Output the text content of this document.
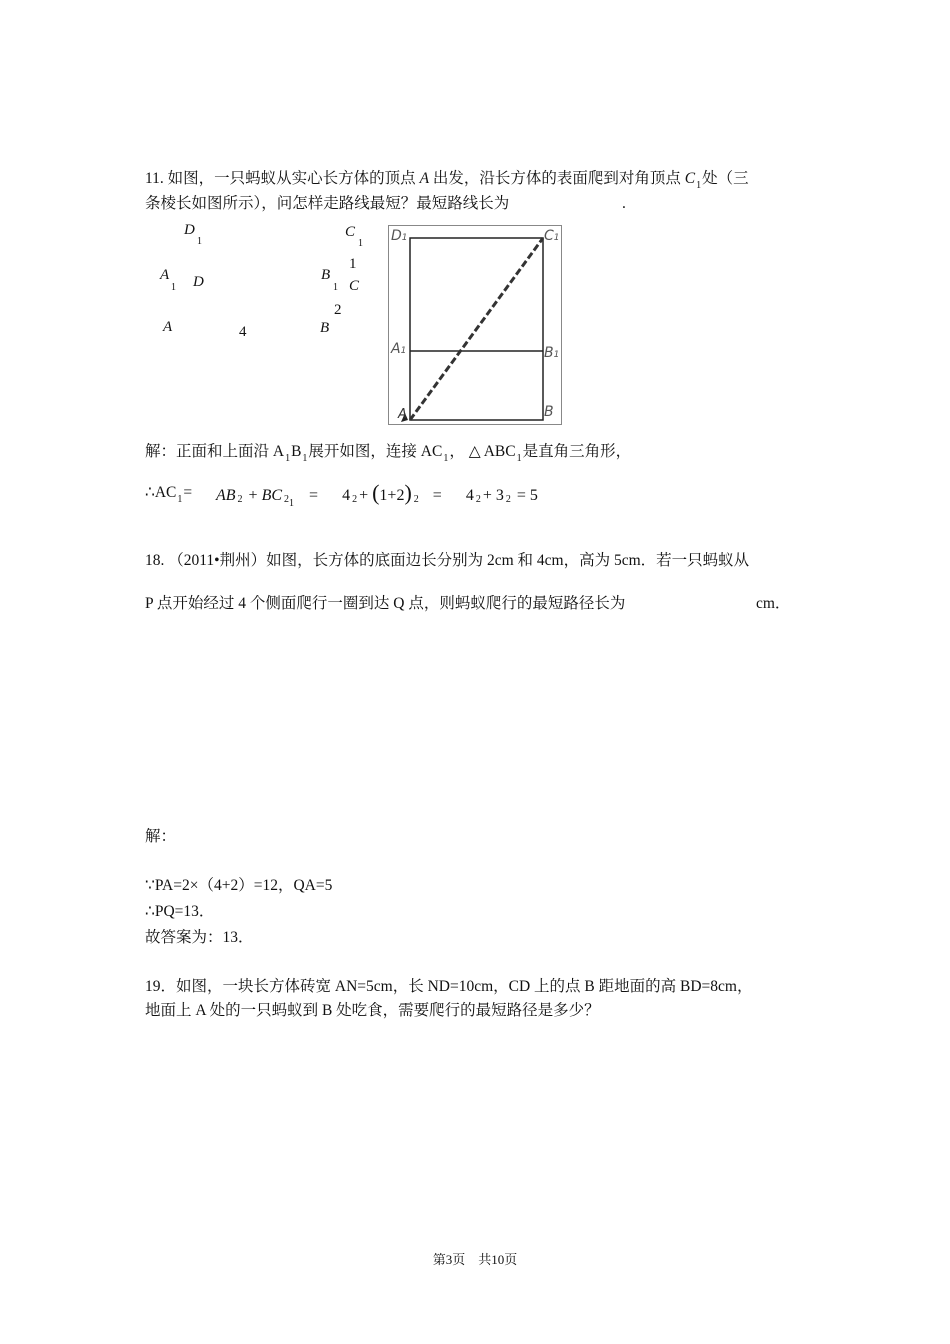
11. 如图，一只蚂蚁从实心长方体的顶点 A 出发，沿长方体的表面爬到对角顶点 $C_1$处（三
条棱长如图所示），问怎样走路线最短？最短路线长为	.
D
1
C
1
1
A
1 D	B
1 C
2
A	4	B
D1	C1
A1	B1
A	B
解：正面和上面沿 $A_1B_1$展开如图，连接 $AC_1$， △ $ABC_1$是直角三角形，
$\therefore AC_1=$ AB 2 + BC 2 = 4 2 + (1+2) 2 = 4 2 + 3 2 = 5
1
18. （2011•荆州）如图，长方体的底面边长分别为 2cm 和 4cm，高为 5cm．若一只蚂蚁从
P 点开始经过 4 个侧面爬行一圈到达 Q 点，则蚂蚁爬行的最短路径长为	cm．
解：
∵PA=2×（4+2）=12，QA=5
∴PQ=13．
故答案为：13．
19．如图，一块长方体砖宽 AN=5cm，长 ND=10cm，CD 上的点 B 距地面的高 BD=8cm，
地面上 A 处的一只蚂蚁到 B 处吃食，需要爬行的最短路径是多少？
第3页　共10页
